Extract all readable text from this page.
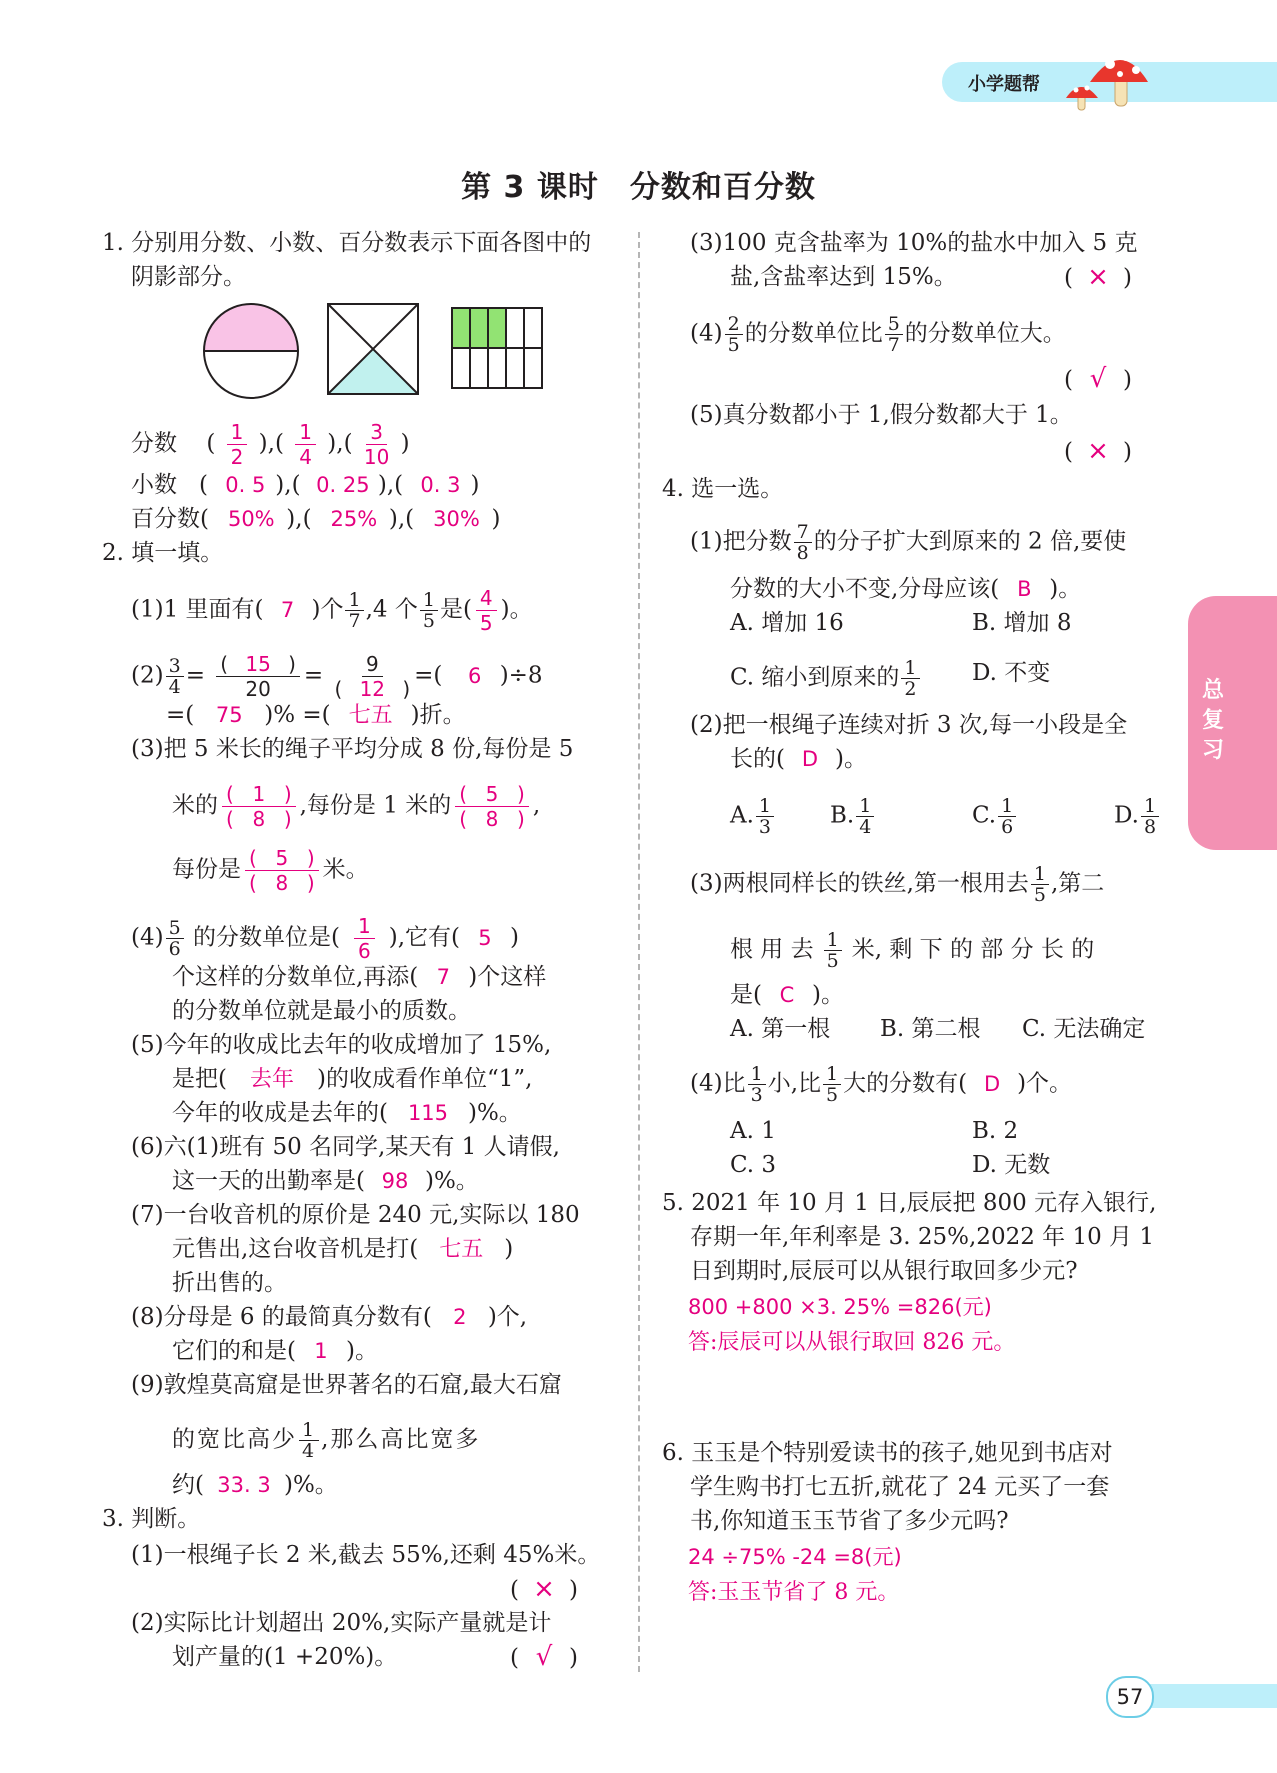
小学题帮
第 3 课时　分数和百分数
总复习
1. 分别用分数、小数、百分数表示下面各图中的
阴影部分。
分数 ( $\frac{1}{2}$ ),( $\frac{1}{4}$ ),( $\frac{3}{10}$ )
小数 ( 0. 5 ),( 0. 25 ),( 0. 3 )
百分数( 50% ),( 25% ),( 30% )
2. 填一填。
(1)1 里面有( 7 )个 $\frac{1}{7} ,4$ 个 $\frac{1}{5}$ 是( $\frac{4}{5}$ )。
$(2) \frac{3}{4} = \frac{( 15 )}{20} = \frac{9}{( 12 )}$ =( 6 )÷8
=( 75 )% =( 七五 )折。
(3)把 5 米长的绳子平均分成 8 份,每份是 5
米的 $\frac{( 1 )}{( 8 )}$ ,每份是 1 米的 $\frac{( 5 )}{( 8 )}$ ,
每份是 $\frac{( 5 )}{( 8 )}$ 米。
$(4) \frac{5}{6}$ 的分数单位是( $\frac{1}{6}$ ),它有( 5 )
个这样的分数单位,再添( 7 )个这样
的分数单位就是最小的质数。
(5)今年的收成比去年的收成增加了 15%,
是把( 去年 )的收成看作单位“1”,
今年的收成是去年的( 115 )%。
(6)六(1)班有 50 名同学,某天有 1 人请假,
这一天的出勤率是( 98 )%。
(7)一台收音机的原价是 240 元,实际以 180
元售出,这台收音机是打( 七五 )
折出售的。
(8)分母是 6 的最简真分数有( 2 )个,
它们的和是( 1 )。
(9)敦煌莫高窟是世界著名的石窟,最大石窟
的宽比高少 $\frac{1}{4}$ ,那么高比宽多
约( 33. 3 )%。
3. 判断。
(1)一根绳子长 2 米,截去 55%,还剩 45%米。
( × )
(2)实际比计划超出 20%,实际产量就是计
划产量的(1 +20%)。	( √ )
(3)100 克含盐率为 10%的盐水中加入 5 克
盐,含盐率达到 15%。	( × )
$(4) \frac{2}{5}$ 的分数单位比 $\frac{5}{7}$ 的分数单位大。
( √ )
(5)真分数都小于 1,假分数都大于 1。
( × )
4. 选一选。
(1)把分数 $\frac{7}{8}$ 的分子扩大到原来的 2 倍,要使
分数的大小不变,分母应该( B )。
A. 增加 16	B. 增加 8
C. 缩小到原来的 $\frac{1}{2} D$. 不变
(2)把一根绳子连续对折 3 次,每一小段是全
长的( D )。
A. $\frac{1}{3} B$. $\frac{1}{4}$	C. $\frac{1}{6}$	D. $\frac{1}{8}$
(3)两根同样长的铁丝,第一根用去 $\frac{1}{5}$ ,第二
根 用 去 $\frac{1}{5}$ 米, 剩 下 的 部 分 长 的
是( C )。
A. 第一根 B. 第二根 C. 无法确定
(4)比 $\frac{1}{3}$ 小,比 $\frac{1}{5}$ 大的分数有( D )个。
A. 1	B. 2
C. 3	D. 无数
5. 2021 年 10 月 1 日,辰辰把 800 元存入银行,
存期一年,年利率是 3. 25%,2022 年 10 月 1
日到期时,辰辰可以从银行取回多少元?
800 +800 ×3. 25% =826(元)
答:辰辰可以从银行取回 826 元。
6. 玉玉是个特别爱读书的孩子,她见到书店对
学生购书打七五折,就花了 24 元买了一套
书,你知道玉玉节省了多少元吗?
24 ÷75% -24 =8(元)
答:玉玉节省了 8 元。
57
